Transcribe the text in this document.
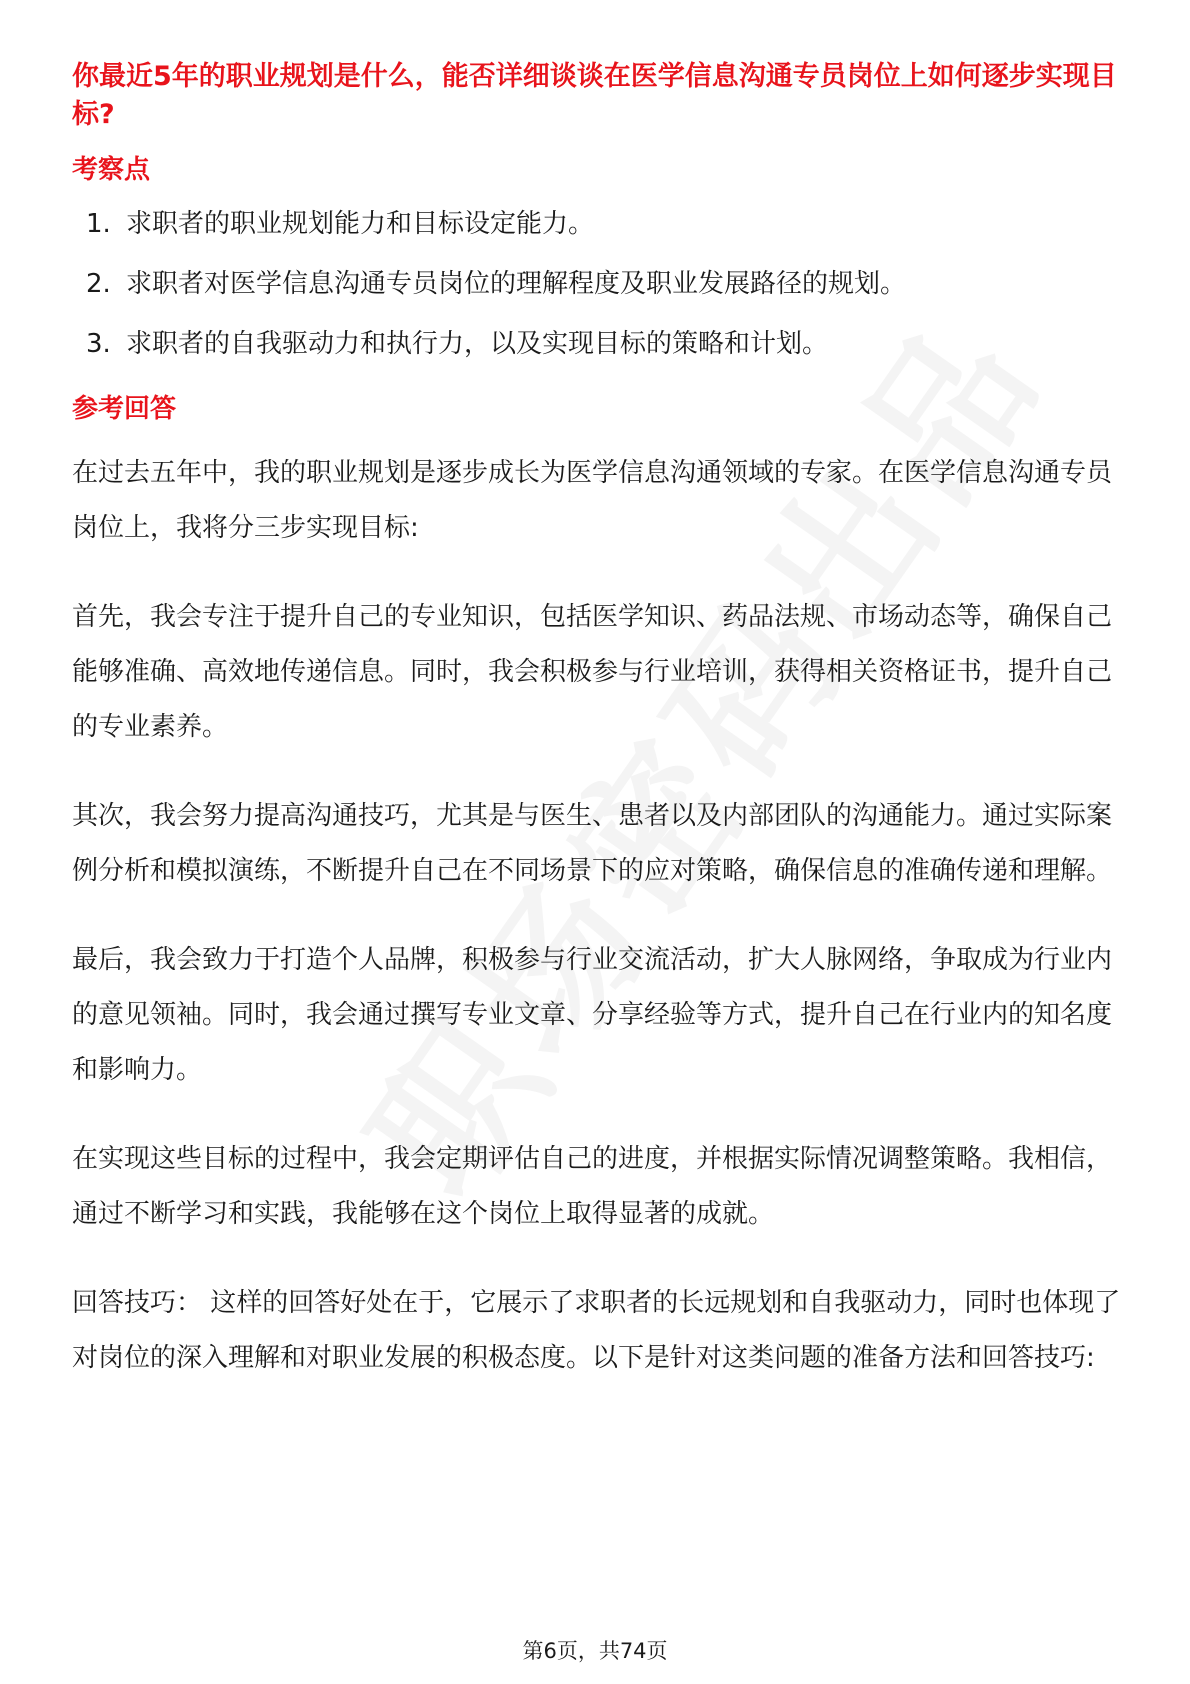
你最近5年的职业规划是什么，能否详细谈谈在医学信息沟通专员岗位上如何逐步实现目标?
考察点
1. 求职者的职业规划能力和目标设定能力。
2. 求职者对医学信息沟通专员岗位的理解程度及职业发展路径的规划。
3. 求职者的自我驱动力和执行力，以及实现目标的策略和计划。
参考回答

在过去五年中，我的职业规划是逐步成长为医学信息沟通领域的专家。在医学信息沟通专员岗位上，我将分三步实现目标:

首先，我会专注于提升自己的专业知识，包括医学知识、药品法规、市场动态等，确保自己能够准确、高效地传递信息。同时，我会积极参与行业培训，获得相关资格证书，提升自己的专业素养。

其次，我会努力提高沟通技巧，尤其是与医生、患者以及内部团队的沟通能力。通过实际案例分析和模拟演练，不断提升自己在不同场景下的应对策略，确保信息的准确传递和理解。

最后，我会致力于打造个人品牌，积极参与行业交流活动，扩大人脉网络，争取成为行业内的意见领袖。同时，我会通过撰写专业文章、分享经验等方式，提升自己在行业内的知名度和影响力。

在实现这些目标的过程中，我会定期评估自己的进度，并根据实际情况调整策略。我相信，通过不断学习和实践，我能够在这个岗位上取得显著的成就。

回答技巧： 这样的回答好处在于，它展示了求职者的长远规划和自我驱动力，同时也体现了对岗位的深入理解和对职业发展的积极态度。以下是针对这类问题的准备方法和回答技巧:

第6页，共74页
